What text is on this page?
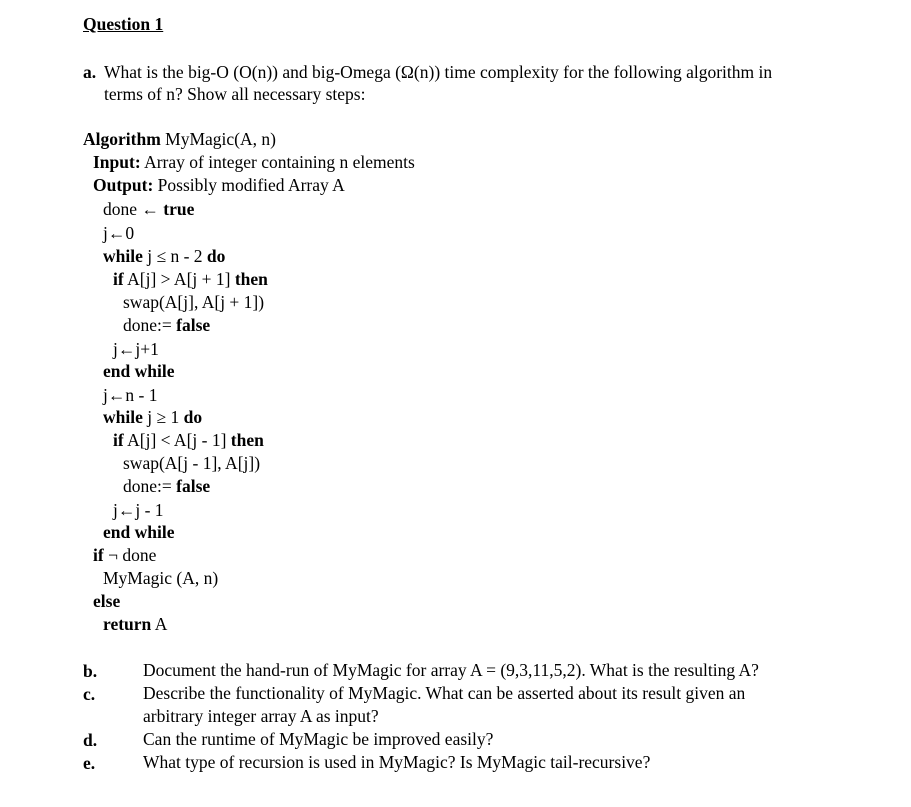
Question 1
a. What is the big-O (O(n)) and big-Omega (Ω(n)) time complexity for the following algorithm in
terms of n? Show all necessary steps:
Algorithm MyMagic(A, n)
Input: Array of integer containing n elements
Output: Possibly modified Array A
done ← true
j←0
while j ≤ n - 2 do
if A[j] > A[j + 1] then
swap(A[j], A[j + 1])
done:= false
j←j+1
end while
j←n - 1
while j ≥ 1 do
if A[j] < A[j - 1] then
swap(A[j - 1], A[j])
done:= false
j←j - 1
end while
if ¬ done
MyMagic (A, n)
else
return A
b.	Document the hand-run of MyMagic for array A = (9,3,11,5,2). What is the resulting A?
c.	Describe the functionality of MyMagic. What can be asserted about its result given an
arbitrary integer array A as input?
d.	Can the runtime of MyMagic be improved easily?
e.	What type of recursion is used in MyMagic? Is MyMagic tail-recursive?
